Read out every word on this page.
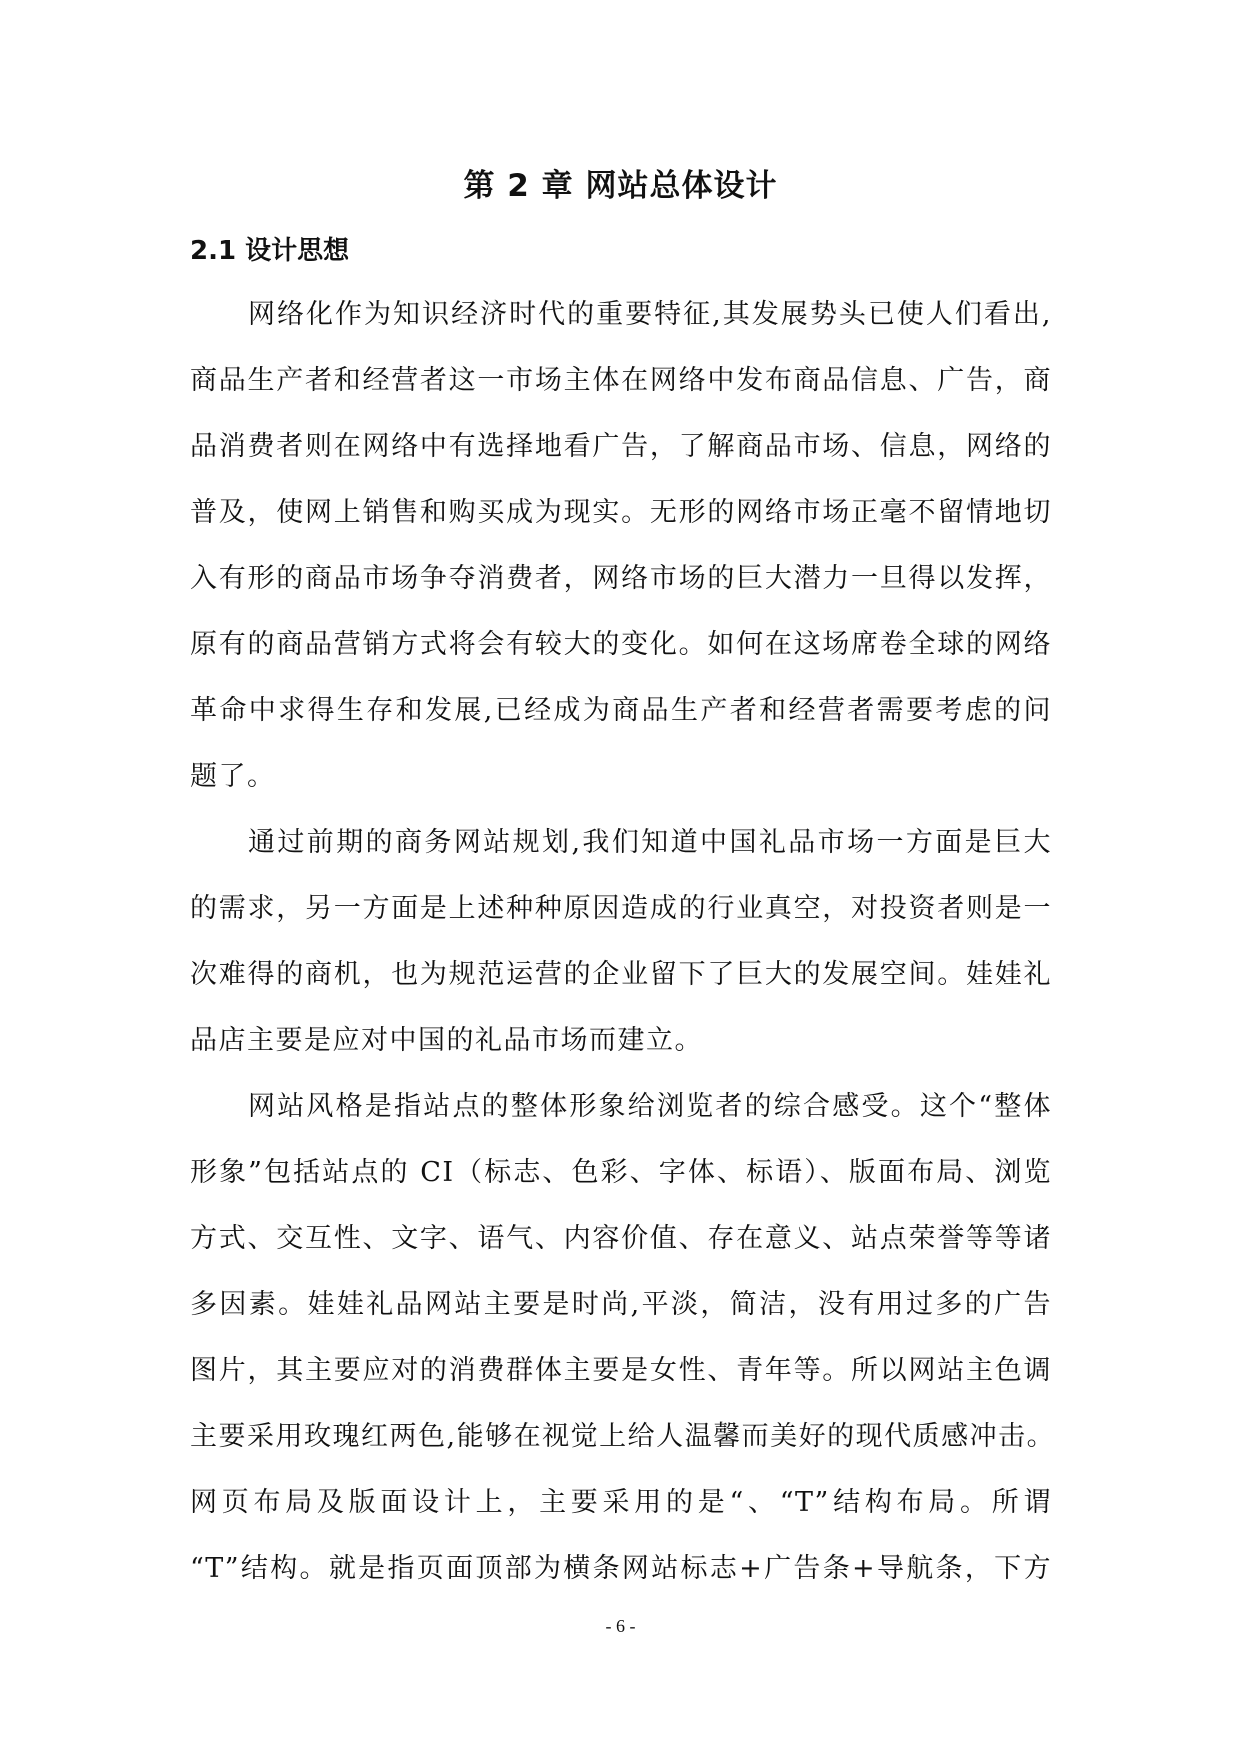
第 2 章 网站总体设计
2.1 设计思想
网络化作为知识经济时代的重要特征,其发展势头已使人们看出,
商品生产者和经营者这一市场主体在网络中发布商品信息、广告，商
品消费者则在网络中有选择地看广告，了解商品市场、信息，网络的
普及，使网上销售和购买成为现实。无形的网络市场正毫不留情地切
入有形的商品市场争夺消费者，网络市场的巨大潜力一旦得以发挥，
原有的商品营销方式将会有较大的变化。如何在这场席卷全球的网络
革命中求得生存和发展,已经成为商品生产者和经营者需要考虑的问
题了。
通过前期的商务网站规划,我们知道中国礼品市场一方面是巨大
的需求，另一方面是上述种种原因造成的行业真空，对投资者则是一
次难得的商机，也为规范运营的企业留下了巨大的发展空间。娃娃礼
品店主要是应对中国的礼品市场而建立。
网站风格是指站点的整体形象给浏览者的综合感受。这个“整体
形象”包括站点的 CI（标志、色彩、字体、标语）、版面布局、浏览
方式、交互性、文字、语气、内容价值、存在意义、站点荣誉等等诸
多因素。娃娃礼品网站主要是时尚,平淡，简洁，没有用过多的广告
图片，其主要应对的消费群体主要是女性、青年等。所以网站主色调
主要采用玫瑰红两色,能够在视觉上给人温馨而美好的现代质感冲击。
网页布局及版面设计上，主要采用的是“、“T”结构布局。所谓
“T”结构。就是指页面顶部为横条网站标志+广告条+导航条，下方
- 6 -
